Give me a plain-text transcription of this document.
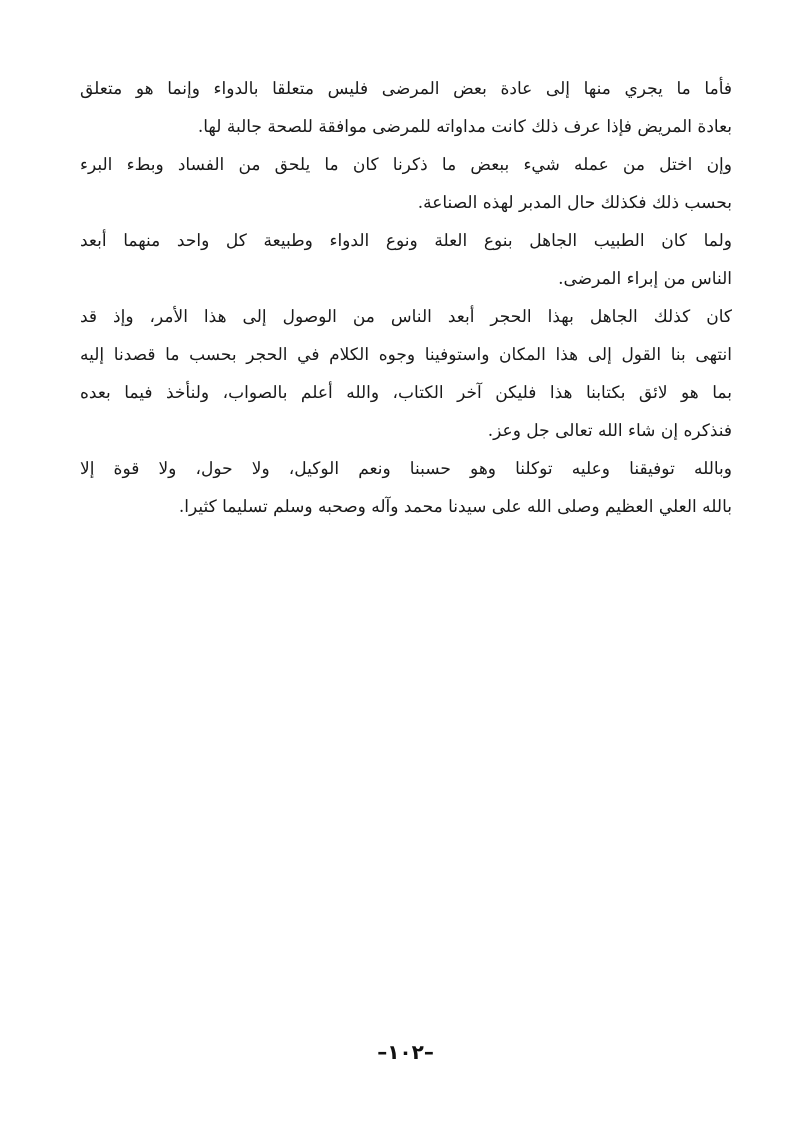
فأما ما يجري منها إلى عادة بعض المرضى فليس متعلقا بالدواء وإنما هو متعلق
بعادة المريض فإذا عرف ذلك كانت مداواته للمرضى موافقة للصحة جالبة لها.
وإن اختل من عمله شيء ببعض ما ذكرنا كان ما يلحق من الفساد وبطء البرء
بحسب ذلك فكذلك حال المدبر لهذه الصناعة.
ولما كان الطبيب الجاهل بنوع العلة ونوع الدواء وطبيعة كل واحد منهما أبعد
الناس من إبراء المرضى.
كان كذلك الجاهل بهذا الحجر أبعد الناس من الوصول إلى هذا الأمر، وإذ قد
انتهى بنا القول إلى هذا المكان واستوفينا وجوه الكلام في الحجر بحسب ما قصدنا إليه
بما هو لائق بكتابنا هذا فليكن آخر الكتاب، والله أعلم بالصواب، ولنأخذ فيما بعده
فنذكره إن شاء الله تعالى جل وعز.
وبالله توفيقنا وعليه توكلنا وهو حسبنا ونعم الوكيل، ولا حول، ولا قوة إلا
بالله العلي العظيم وصلى الله على سيدنا محمد وآله وصحبه وسلم تسليما كثيرا.
–١٠٢–
